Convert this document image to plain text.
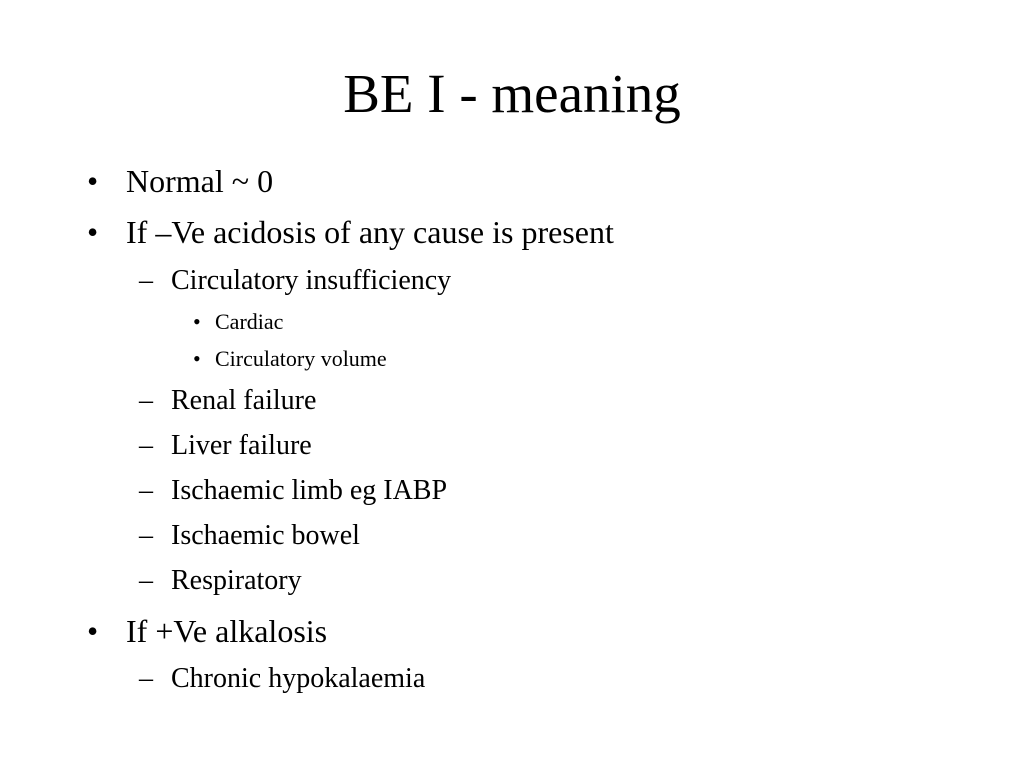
BE I - meaning
• Normal ~ 0
• If –Ve acidosis of any cause is present
– Circulatory insufficiency
• Cardiac
• Circulatory volume
– Renal failure
– Liver failure
– Ischaemic limb eg IABP
– Ischaemic bowel
– Respiratory
• If +Ve alkalosis
– Chronic hypokalaemia
